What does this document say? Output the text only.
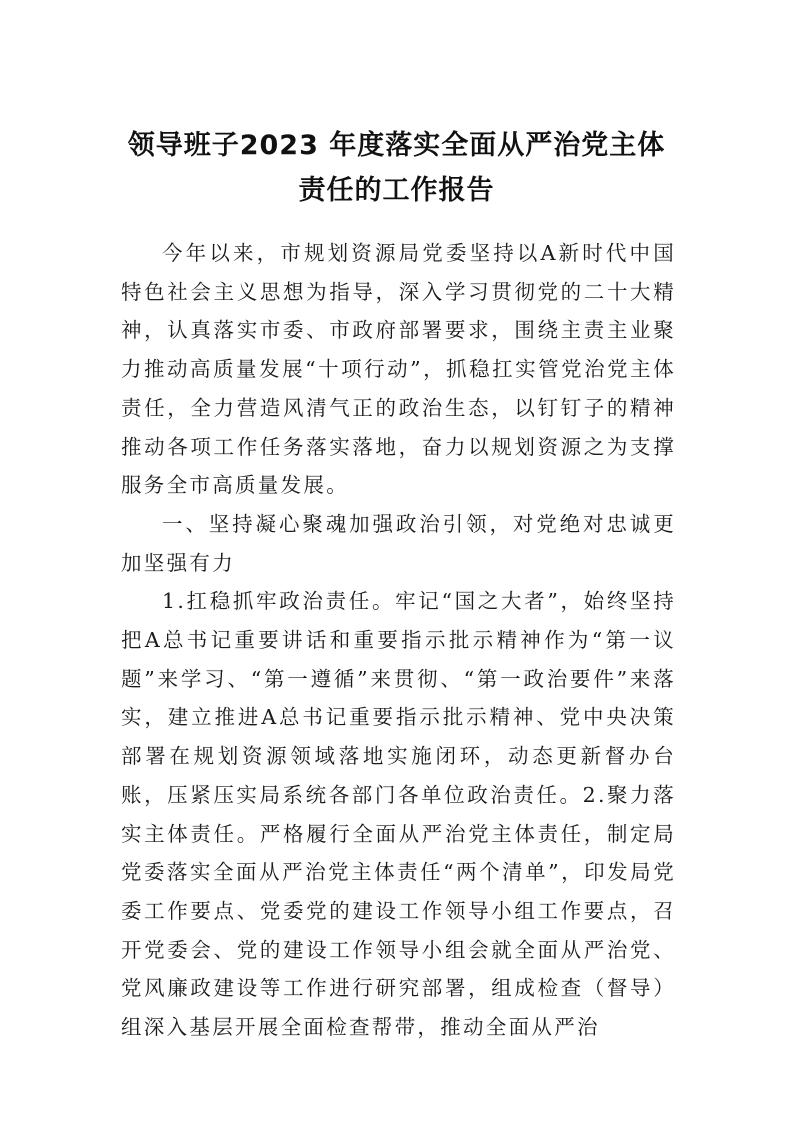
领导班子2023 年度落实全面从严治党主体
责任的工作报告

今年以来，市规划资源局党委坚持以A新时代中国特色社会主义思想为指导，深入学习贯彻党的二十大精神，认真落实市委、市政府部署要求，围绕主责主业聚力推动高质量发展“十项行动”，抓稳扛实管党治党主体责任，全力营造风清气正的政治生态，以钉钉子的精神推动各项工作任务落实落地，奋力以规划资源之为支撑服务全市高质量发展。

一、坚持凝心聚魂加强政治引领，对党绝对忠诚更加坚强有力

1.扛稳抓牢政治责任。牢记“国之大者”，始终坚持把A总书记重要讲话和重要指示批示精神作为“第一议题”来学习、“第一遵循”来贯彻、“第一政治要件”来落实，建立推进A总书记重要指示批示精神、党中央决策部署在规划资源领域落地实施闭环，动态更新督办台账，压紧压实局系统各部门各单位政治责任。2.聚力落实主体责任。严格履行全面从严治党主体责任，制定局党委落实全面从严治党主体责任“两个清单”，印发局党委工作要点、党委党的建设工作领导小组工作要点，召开党委会、党的建设工作领导小组会就全面从严治党、党风廉政建设等工作进行研究部署，组成检查（督导）组深入基层开展全面检查帮带，推动全面从严治
